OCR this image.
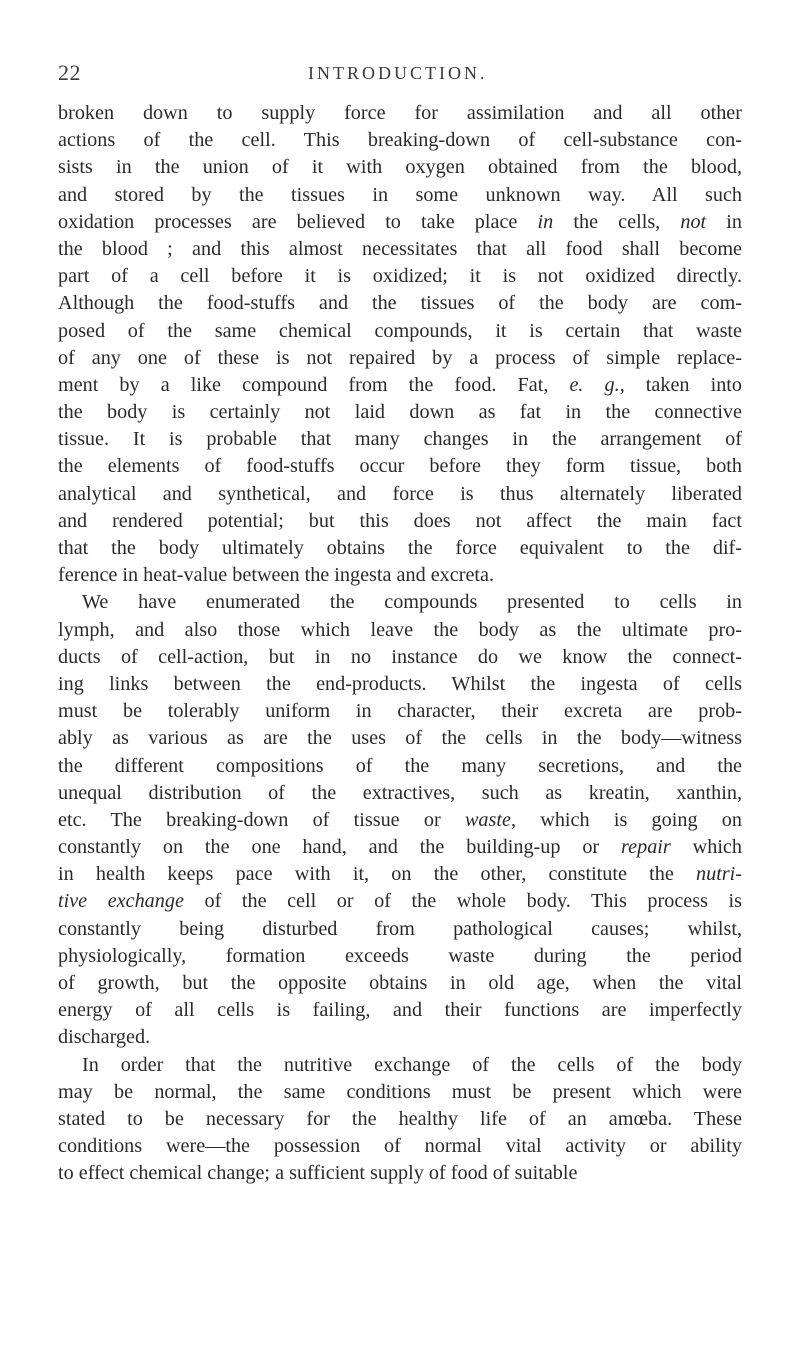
22	INTRODUCTION.
broken down to supply force for assimilation and all other
actions of the cell. This breaking-down of cell-substance con-
sists in the union of it with oxygen obtained from the blood,
and stored by the tissues in some unknown way. All such
oxidation processes are believed to take place in the cells, not in
the blood ; and this almost necessitates that all food shall become
part of a cell before it is oxidized; it is not oxidized directly.
Although the food-stuffs and the tissues of the body are com-
posed of the same chemical compounds, it is certain that waste
of any one of these is not repaired by a process of simple replace-
ment by a like compound from the food. Fat, e. g., taken into
the body is certainly not laid down as fat in the connective
tissue. It is probable that many changes in the arrangement of
the elements of food-stuffs occur before they form tissue, both
analytical and synthetical, and force is thus alternately liberated
and rendered potential; but this does not affect the main fact
that the body ultimately obtains the force equivalent to the dif-
ference in heat-value between the ingesta and excreta.
We have enumerated the compounds presented to cells in
lymph, and also those which leave the body as the ultimate pro-
ducts of cell-action, but in no instance do we know the connect-
ing links between the end-products. Whilst the ingesta of cells
must be tolerably uniform in character, their excreta are prob-
ably as various as are the uses of the cells in the body—witness
the different compositions of the many secretions, and the
unequal distribution of the extractives, such as kreatin, xanthin,
etc. The breaking-down of tissue or waste, which is going on
constantly on the one hand, and the building-up or repair which
in health keeps pace with it, on the other, constitute the nutri-
tive exchange of the cell or of the whole body. This process is
constantly being disturbed from pathological causes; whilst,
physiologically, formation exceeds waste during the period
of growth, but the opposite obtains in old age, when the vital
energy of all cells is failing, and their functions are imperfectly
discharged.
In order that the nutritive exchange of the cells of the body
may be normal, the same conditions must be present which were
stated to be necessary for the healthy life of an amœba. These
conditions were—the possession of normal vital activity or ability
to effect chemical change; a sufficient supply of food of suitable
